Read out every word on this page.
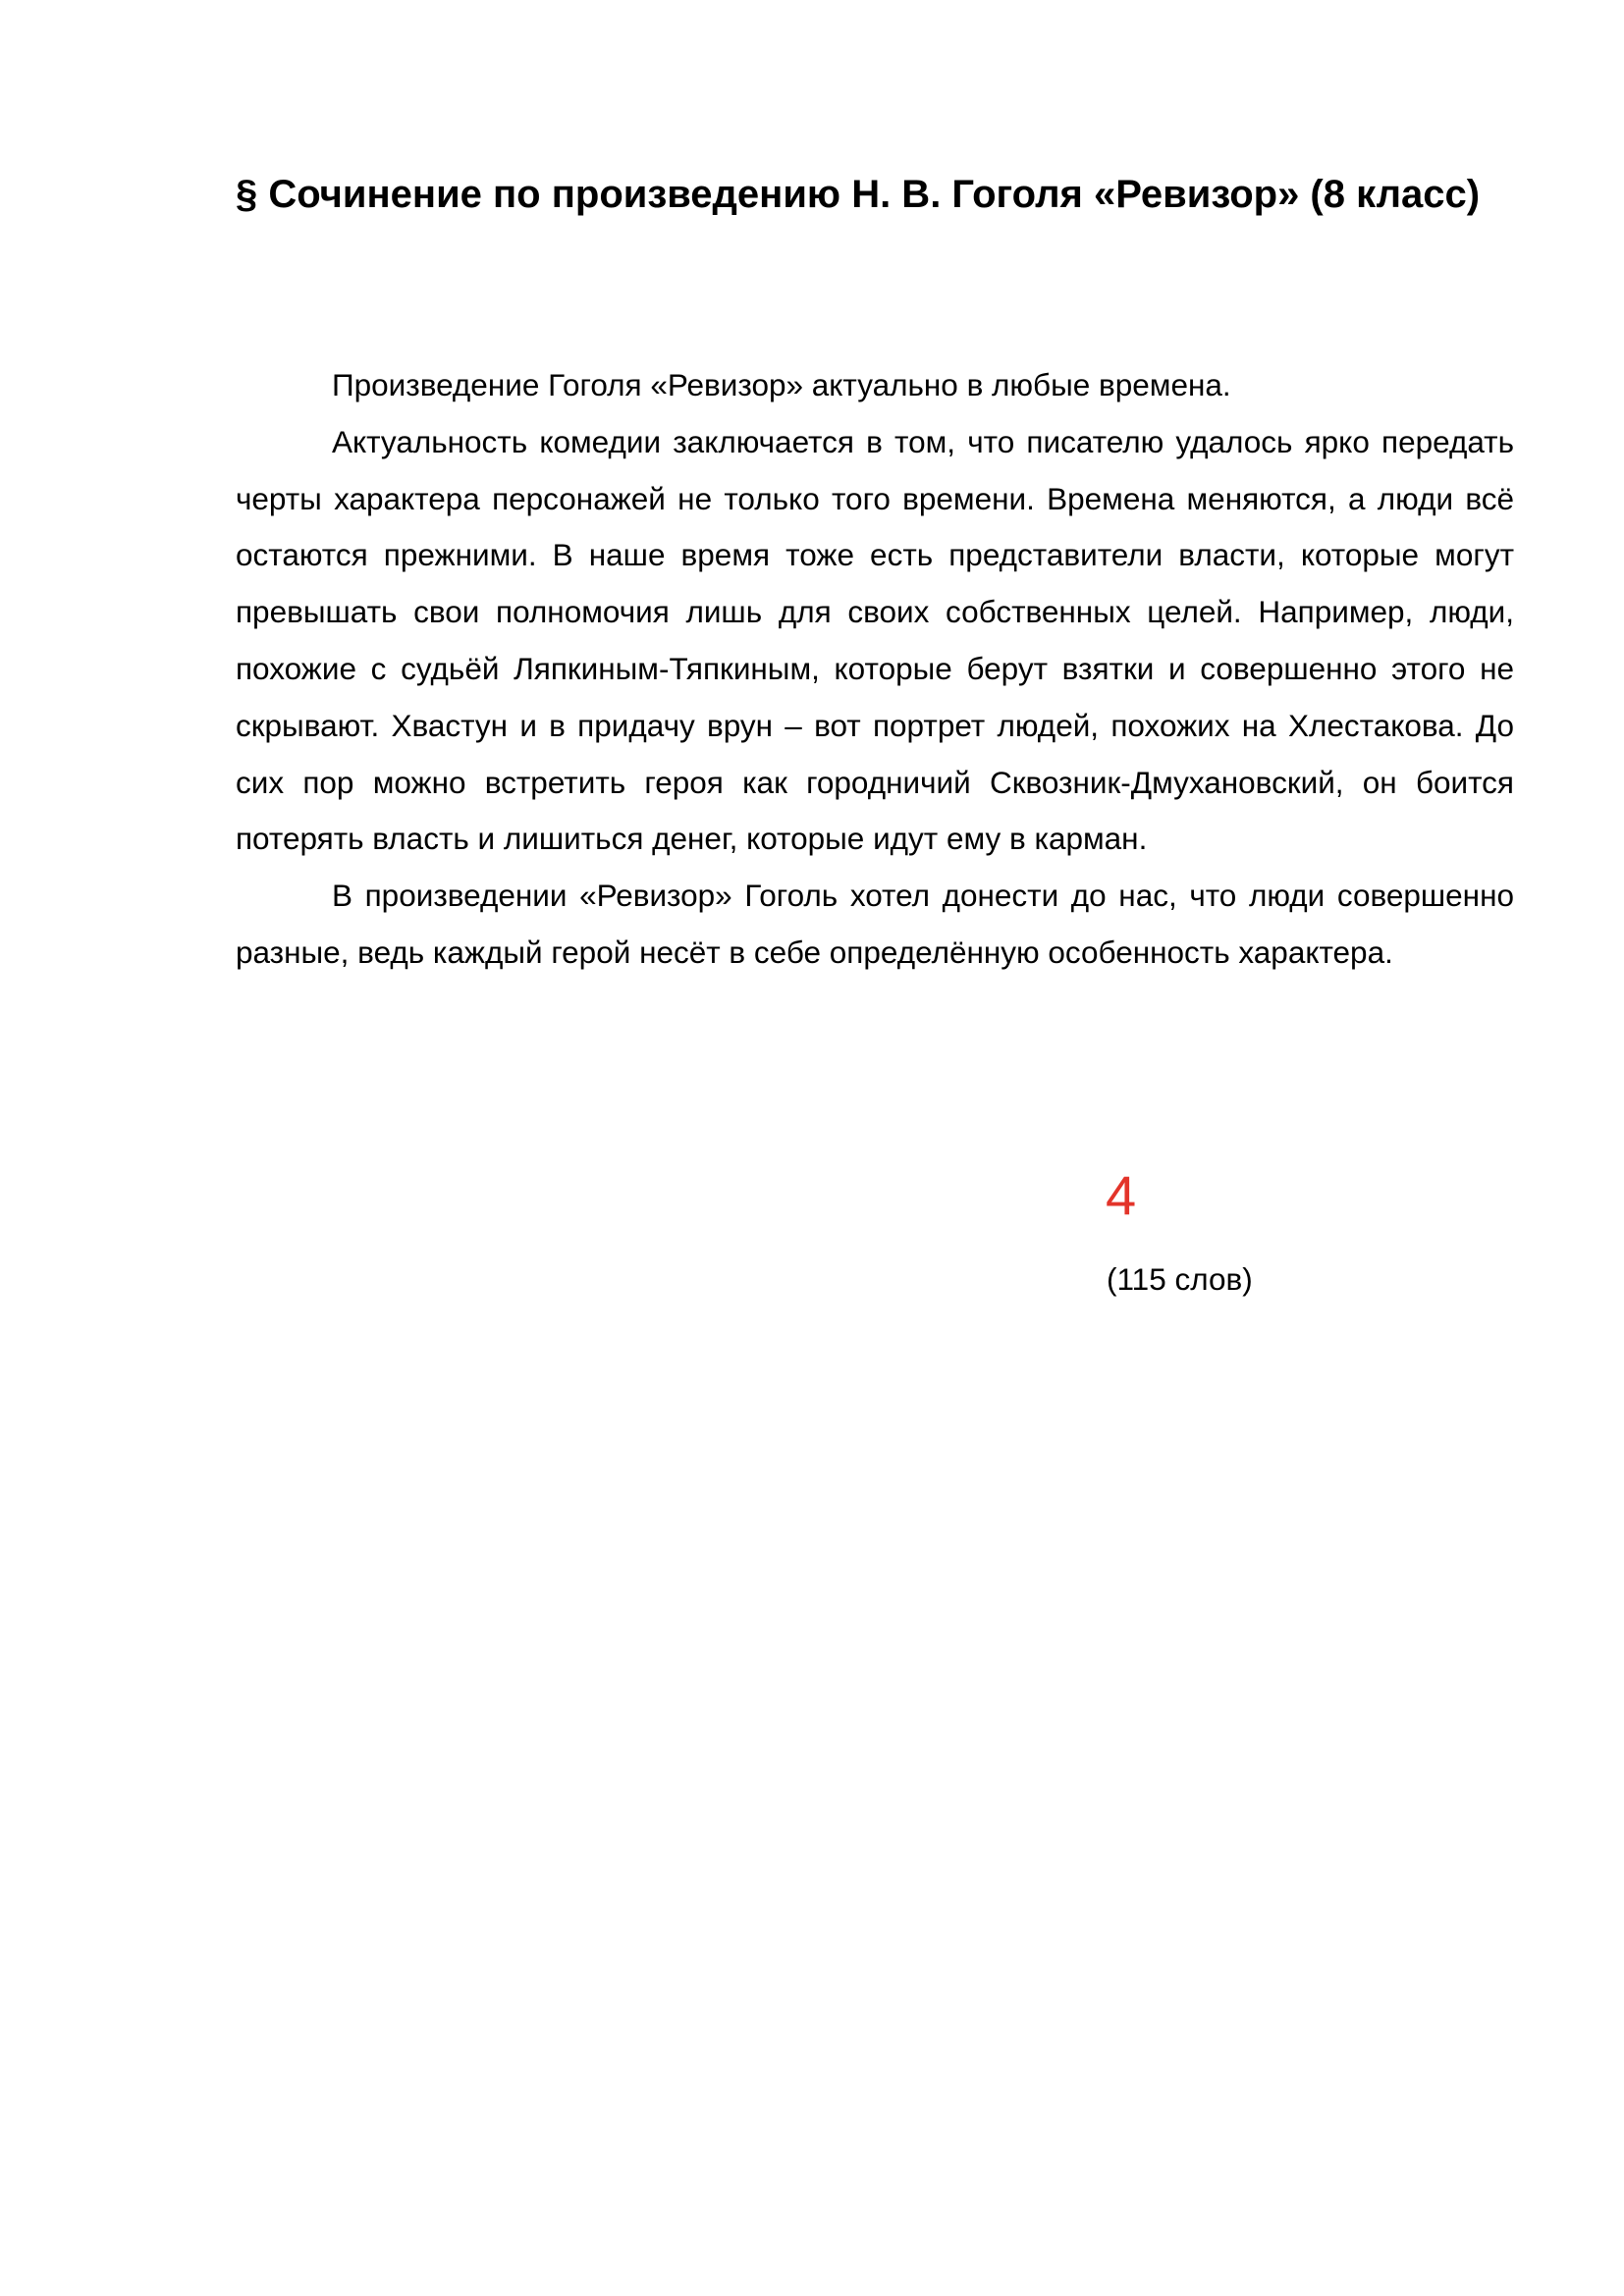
§ Сочинение по произведению Н. В. Гоголя «Ревизор» (8 класс)

Произведение Гоголя «Ревизор» актуально в любые времена.

Актуальность комедии заключается в том, что писателю удалось ярко передать черты характера персонажей не только того времени. Времена меняются, а люди всё остаются прежними. В наше время тоже есть представители власти, которые могут превышать свои полномочия лишь для своих собственных целей. Например, люди, похожие с судьёй Ляпкиным-Тяпкиным, которые берут взятки и совершенно этого не скрывают. Хвастун и в придачу врун – вот портрет людей, похожих на Хлестакова. До сих пор можно встретить героя как городничий Сквозник-Дмухановский, он боится потерять власть и лишиться денег, которые идут ему в карман.

В произведении «Ревизор» Гоголь хотел донести до нас, что люди совершенно разные, ведь каждый герой несёт в себе определённую особенность характера.

4
(115 слов)
